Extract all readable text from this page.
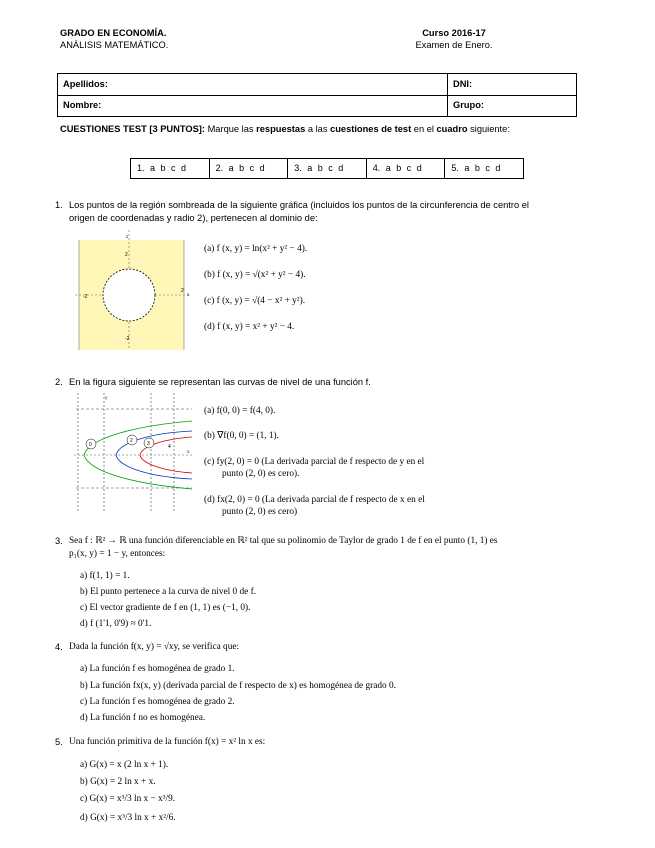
GRADO EN ECONOMÍA.
ANÁLISIS MATEMÁTICO.
Curso 2016-17
Examen de Enero.
Apellidos:	DNI:
Nombre:	Grupo:
CUESTIONES TEST [3 PUNTOS]: Marque las respuestas a las cuestiones de test en el cuadro siguiente:
1. a b c d	2. a b c d	3. a b c d	4. a b c d	5. a b c d
1. Los puntos de la región sombreada de la siguiente gráfica (incluidos los puntos de la circunferencia de centro el
origen de coordenadas y radio 2), pertenecen al dominio de:
z
x
2
-2
2
-2
(a) f (x, y) = ln(x² + y² − 4).
(b) f (x, y) = √(x² + y² − 4).
(c) f (x, y) = √(4 − x² + y²).
(d) f (x, y) = x² + y² − 4.
2. En la figura siguiente se representan las curvas de nivel de una función f.
0
2	3	4
y
x
(a) f(0, 0) = f(4, 0).
(b) ∇f(0, 0) = (1, 1).
(c) fy(2, 0) = 0 (La derivada parcial de f respecto de y en el
punto (2, 0) es cero).
(d) fx(2, 0) = 0 (La derivada parcial de f respecto de x en el
punto (2, 0) es cero)
3. Sea f : ℝ² → ℝ una función diferenciable en ℝ² tal que su polinomio de Taylor de grado 1 de f en el punto (1, 1) es
p₁(x, y) = 1 − y, entonces:
a) f(1, 1) = 1.
b) El punto pertenece a la curva de nivel 0 de f.
c) El vector gradiente de f en (1, 1) es (−1, 0).
d) f (1'1, 0'9) ≈ 0'1.
4. Dada la función f(x, y) = √xy, se verifica que:
a) La función f es homogénea de grado 1.
b) La función fx(x, y) (derivada parcial de f respecto de x) es homogénea de grado 0.
c) La función f es homogénea de grado 2.
d) La función f no es homogénea.
5. Una función primitiva de la función f(x) = x² ln x es:
a) G(x) = x (2 ln x + 1).
b) G(x) = 2 ln x + x.
c) G(x) = x³/3 ln x − x³/9.
d) G(x) = x³/3 ln x + x²/6.
